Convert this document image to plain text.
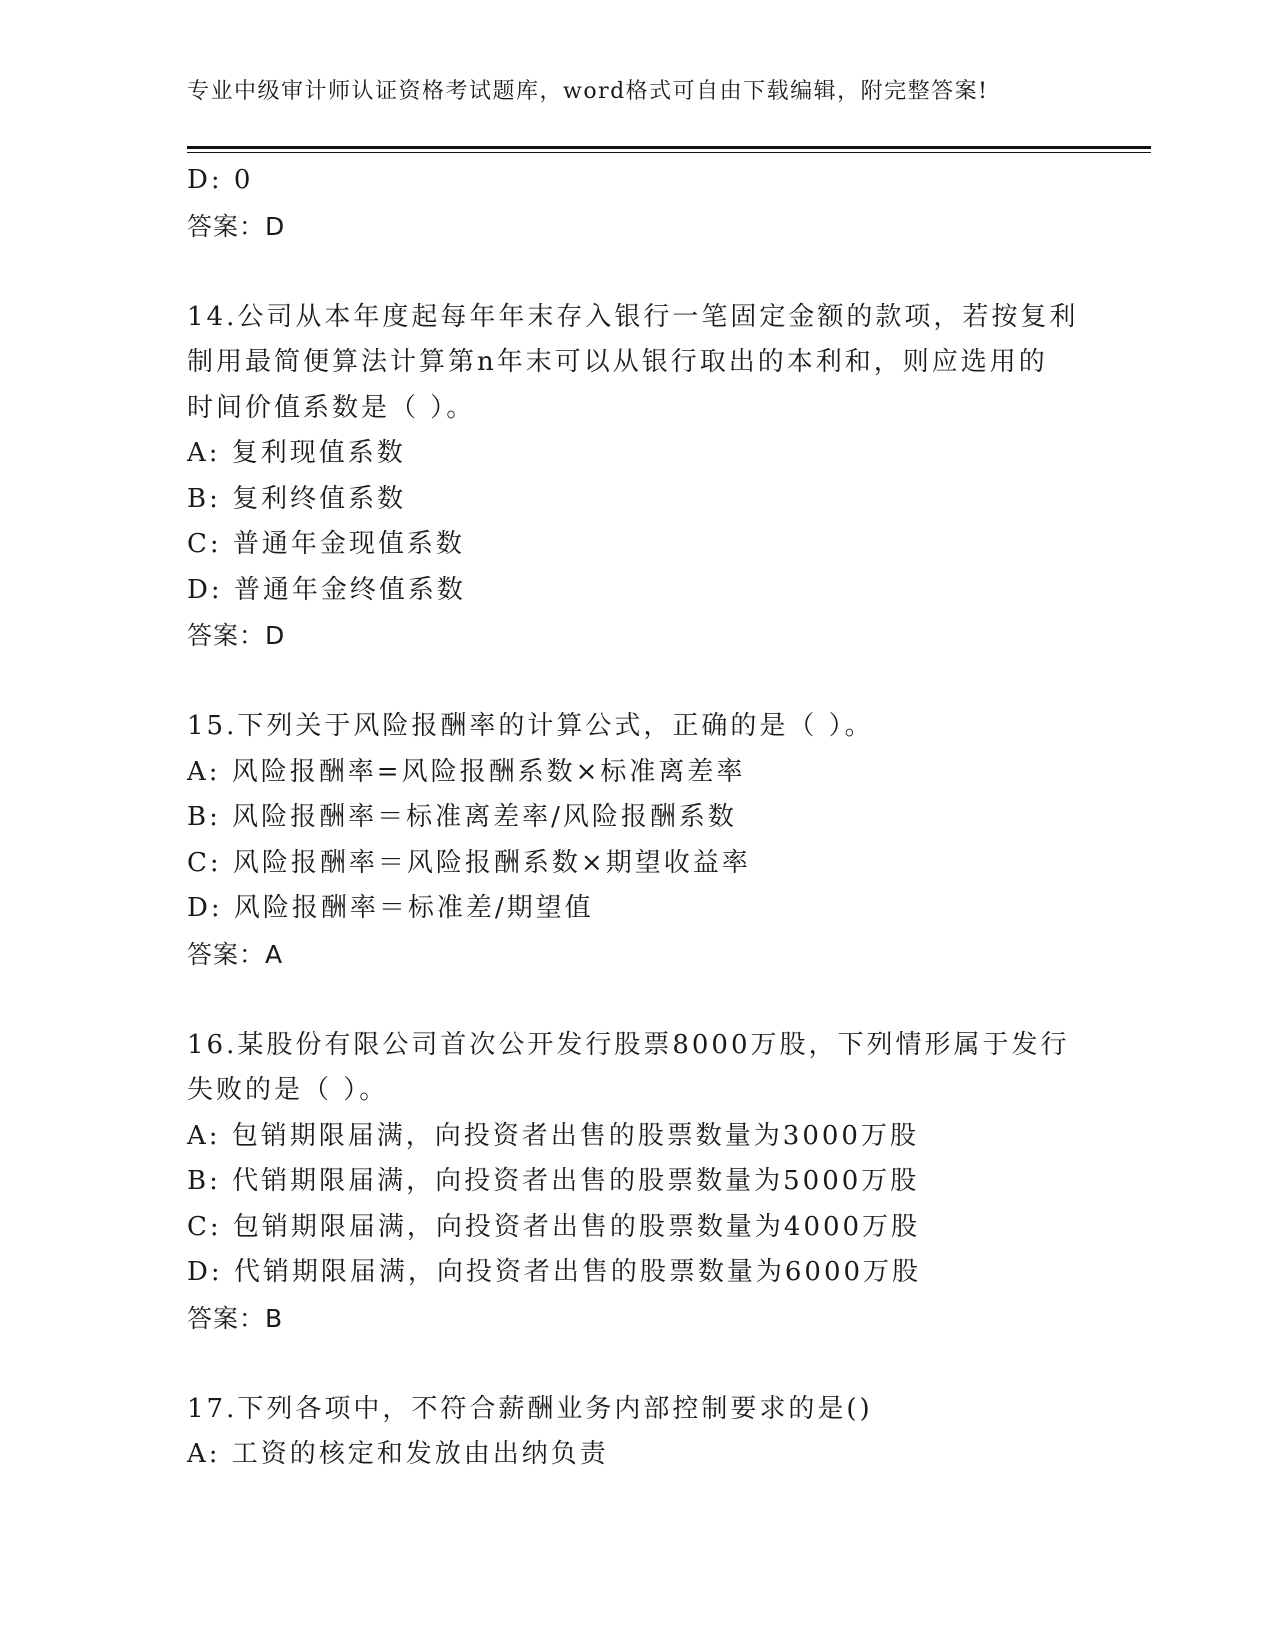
专业中级审计师认证资格考试题库，word格式可自由下载编辑，附完整答案!
D: 0
答案：D
14.公司从本年度起每年年末存入银行一笔固定金额的款项，若按复利
制用最简便算法计算第n年末可以从银行取出的本利和，则应选用的
时间价值系数是（ ）。
A: 复利现值系数
B: 复利终值系数
C: 普通年金现值系数
D: 普通年金终值系数
答案：D
15.下列关于风险报酬率的计算公式，正确的是（ ）。
A: 风险报酬率=风险报酬系数×标准离差率
B: 风险报酬率＝标准离差率/风险报酬系数
C: 风险报酬率＝风险报酬系数×期望收益率
D: 风险报酬率＝标准差/期望值
答案：A
16.某股份有限公司首次公开发行股票8000万股，下列情形属于发行
失败的是（ ）。
A: 包销期限届满，向投资者出售的股票数量为3000万股
B: 代销期限届满，向投资者出售的股票数量为5000万股
C: 包销期限届满，向投资者出售的股票数量为4000万股
D: 代销期限届满，向投资者出售的股票数量为6000万股
答案：B
17.下列各项中，不符合薪酬业务内部控制要求的是()
A: 工资的核定和发放由出纳负责
